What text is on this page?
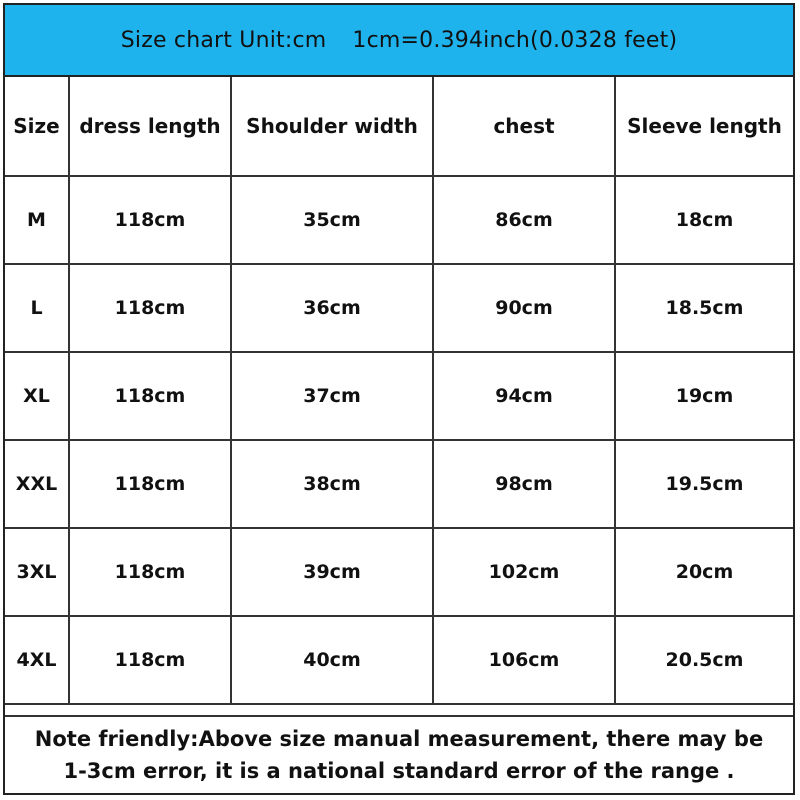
Size chart Unit:cm 1cm=0.394inch(0.0328 feet)
Size	dress length	Shoulder width	chest	Sleeve length
M	118cm	35cm	86cm	18cm
L	118cm	36cm	90cm	18.5cm
XL	118cm	37cm	94cm	19cm
XXL	118cm	38cm	98cm	19.5cm
3XL	118cm	39cm	102cm	20cm
4XL	118cm	40cm	106cm	20.5cm
Note friendly:Above size manual measurement, there may be
1-3cm error, it is a national standard error of the range .
